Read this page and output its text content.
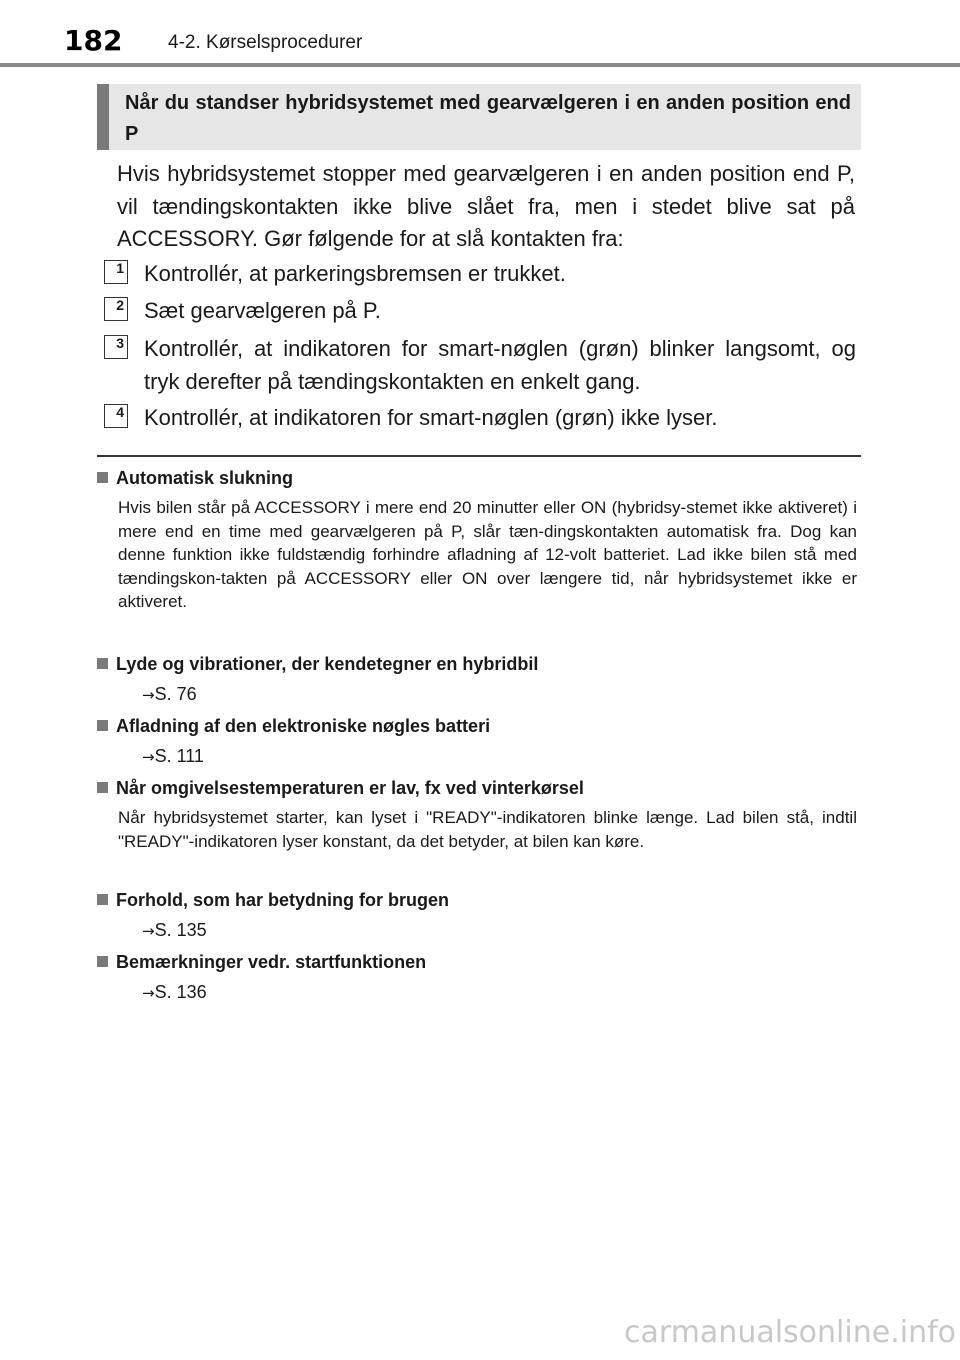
182 4-2. Kørselsprocedurer

Når du standser hybridsystemet med gearvælgeren i en anden position end P

Hvis hybridsystemet stopper med gearvælgeren i en anden position end P, vil tændingskontakten ikke blive slået fra, men i stedet blive sat på ACCESSORY. Gør følgende for at slå kontakten fra:

1 Kontrollér, at parkeringsbremsen er trukket.

2 Sæt gearvælgeren på P.

3 Kontrollér, at indikatoren for smart-nøglen (grøn) blinker langsomt, og tryk derefter på tændingskontakten en enkelt gang.

4 Kontrollér, at indikatoren for smart-nøglen (grøn) ikke lyser.

Automatisk slukning

Hvis bilen står på ACCESSORY i mere end 20 minutter eller ON (hybridsy-stemet ikke aktiveret) i mere end en time med gearvælgeren på P, slår tæn-dingskontakten automatisk fra. Dog kan denne funktion ikke fuldstændig forhindre afladning af 12-volt batteriet. Lad ikke bilen stå med tændingskon-takten på ACCESSORY eller ON over længere tid, når hybridsystemet ikke er aktiveret.

Lyde og vibrationer, der kendetegner en hybridbil

→S. 76

Afladning af den elektroniske nøgles batteri

→S. 111

Når omgivelsestemperaturen er lav, fx ved vinterkørsel

Når hybridsystemet starter, kan lyset i "READY"-indikatoren blinke længe. Lad bilen stå, indtil "READY"-indikatoren lyser konstant, da det betyder, at bilen kan køre.

Forhold, som har betydning for brugen

→S. 135

Bemærkninger vedr. startfunktionen

→S. 136

carmanualsonline.info
